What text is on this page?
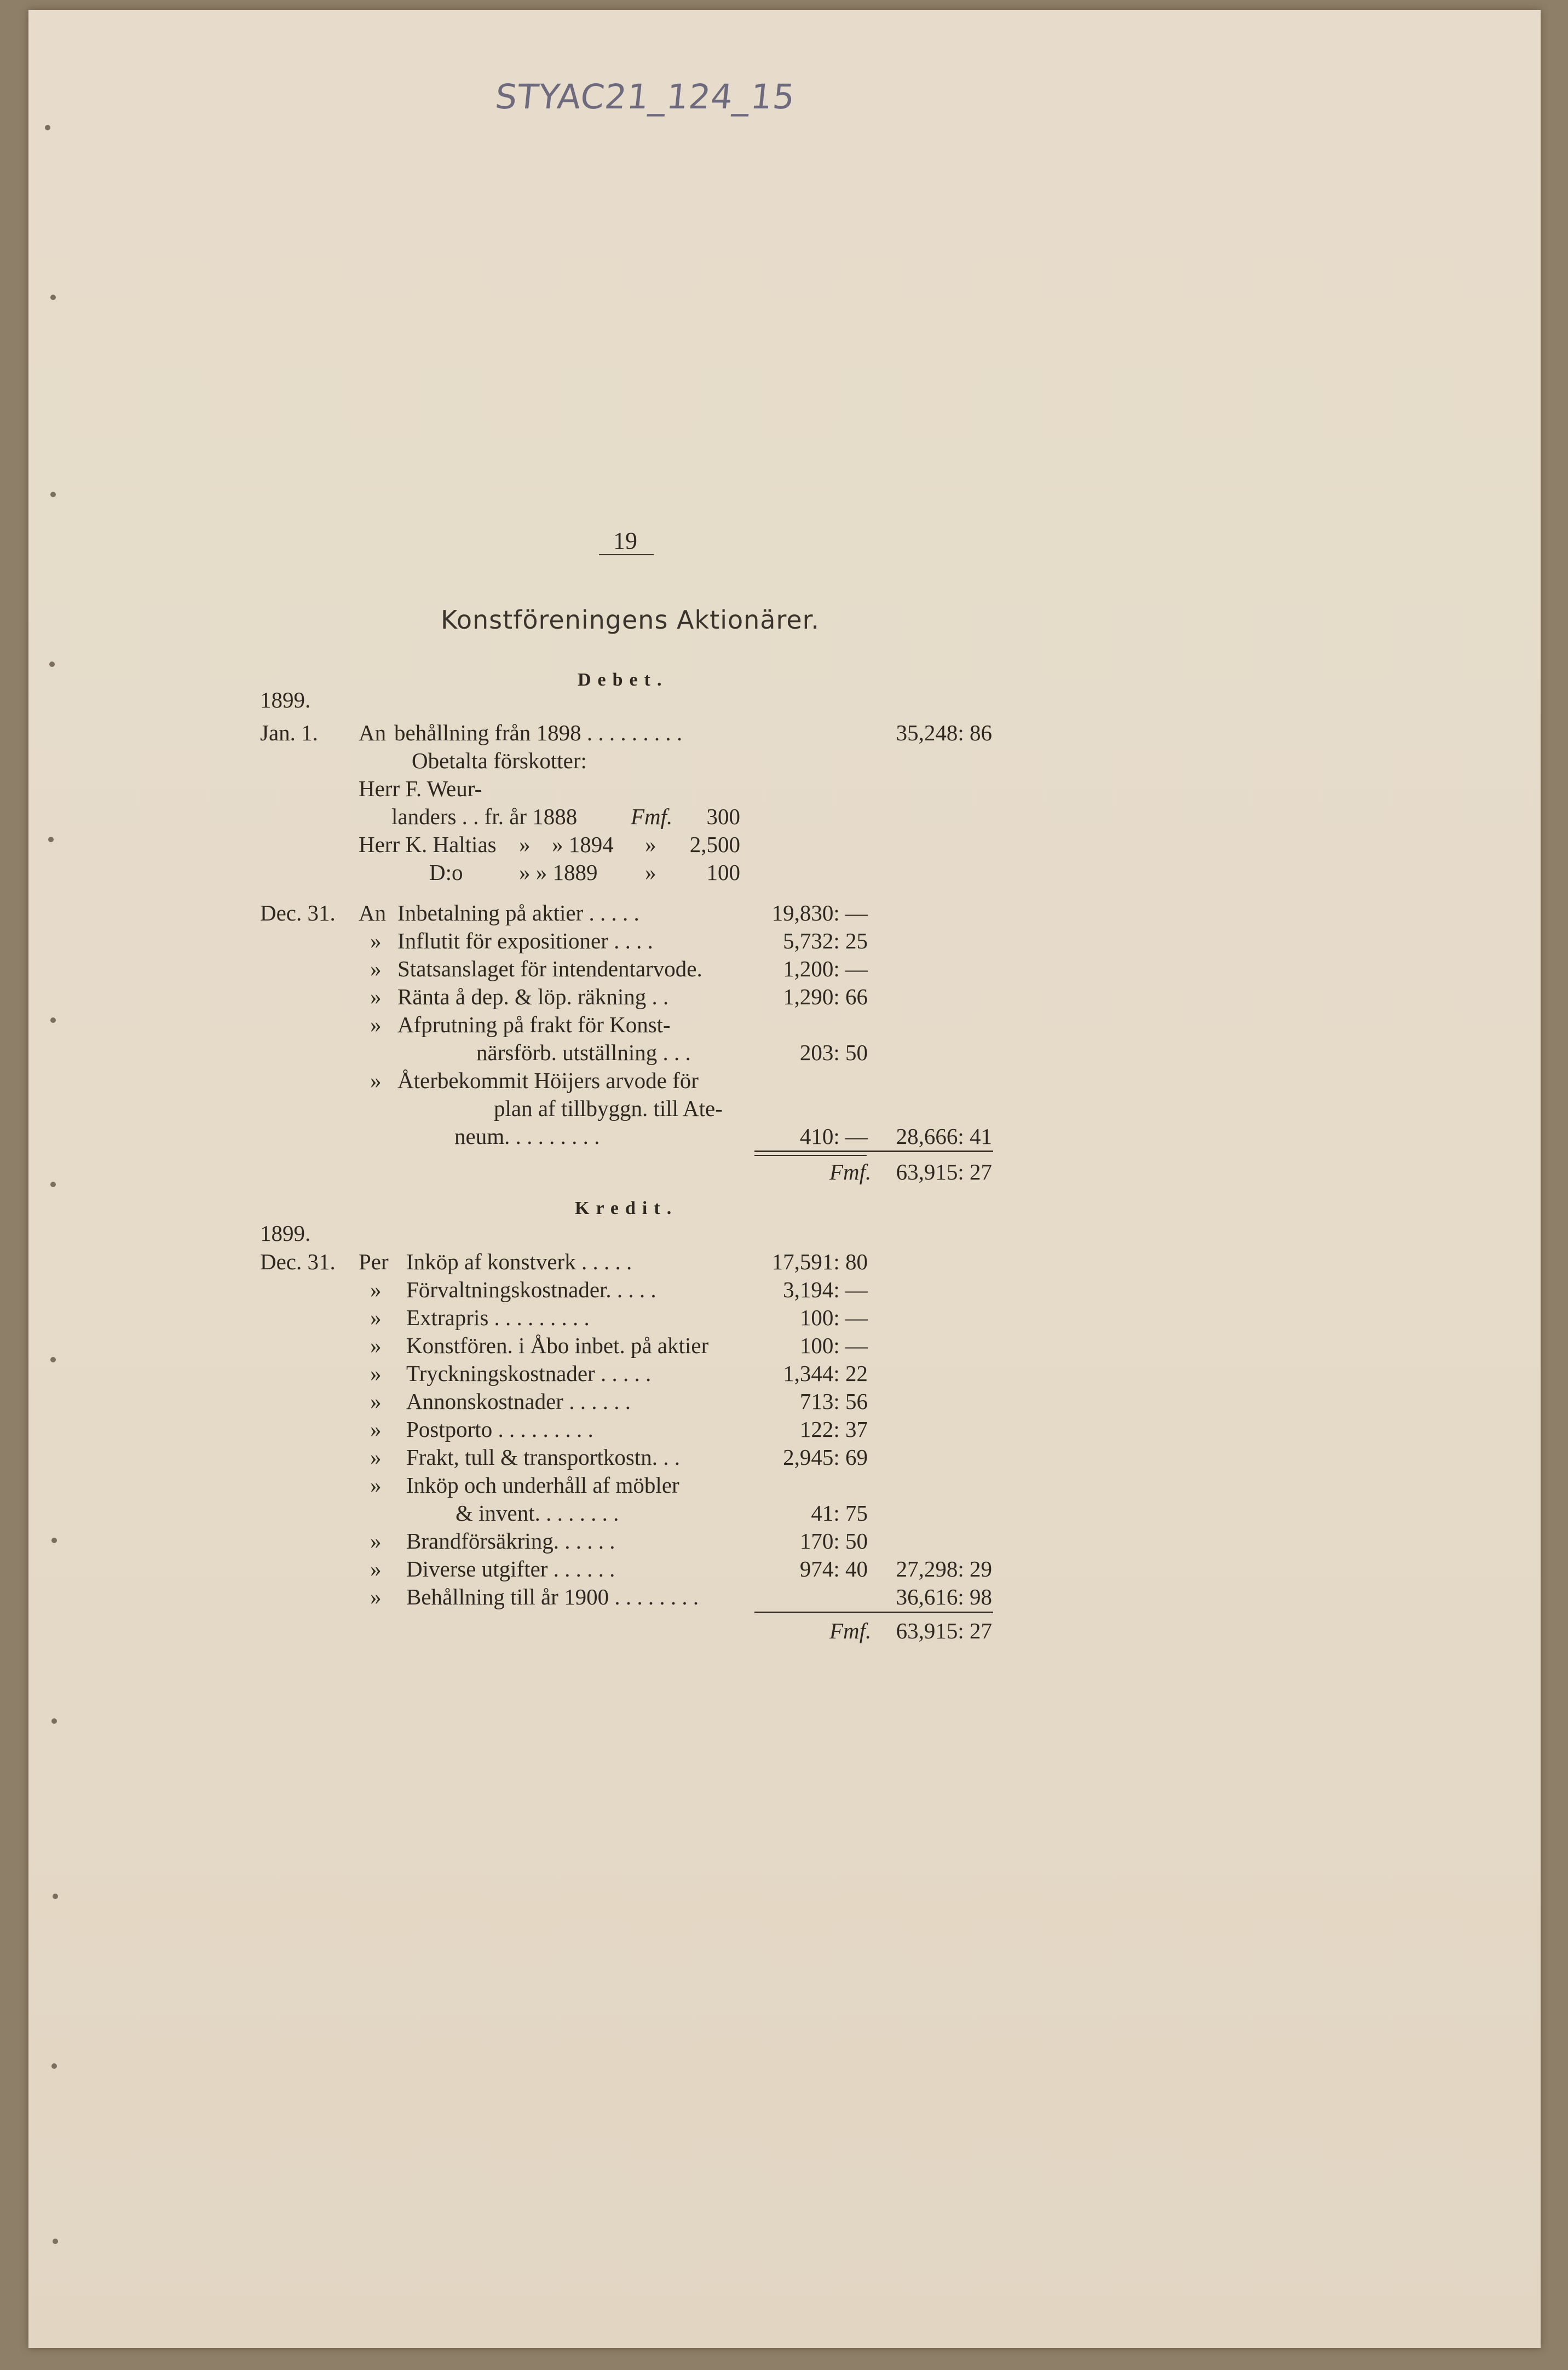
STYAC21_124_15
19
Konstföreningens Aktionärer.
Debet.
1899.
Jan. 1. An behållning från 1898 . . . . . . . . .	35,248: 86
Obetalta förskotter:
Herr F. Weur-
landers . . fr. år 1888 Fmf.	300
Herr K. Haltias » » 1894 »	2,500
D:o	» » 1889 »	100
Dec. 31. An Inbetalning på aktier . . . . .	19,830: —
» Influtit för expositioner . . . .	5,732: 25
» Statsanslaget för intendentarvode.	1,200: —
» Ränta å dep. & löp. räkning . .	1,290: 66
» Afprutning på frakt för Konst-
närsförb. utställning . . .	203: 50
» Återbekommit Höijers arvode för
plan af tillbyggn. till Ate-
neum. . . . . . . . .	410: —	28,666: 41
Fmf.	63,915: 27
Kredit.
1899.
Dec. 31. Per Inköp af konstverk . . . . .	17,591: 80
» Förvaltningskostnader. . . . .	3,194: —
» Extrapris . . . . . . . . .	100: —
» Konstfören. i Åbo inbet. på aktier	100: —
» Tryckningskostnader . . . . .	1,344: 22
» Annonskostnader . . . . . .	713: 56
» Postporto . . . . . . . . .	122: 37
» Frakt, tull & transportkostn. . .	2,945: 69
» Inköp och underhåll af möbler
& invent. . . . . . . .	41: 75
» Brandförsäkring. . . . . .	170: 50
» Diverse utgifter . . . . . .	974: 40	27,298: 29
» Behållning till år 1900 . . . . . . . .	36,616: 98
Fmf.	63,915: 27
